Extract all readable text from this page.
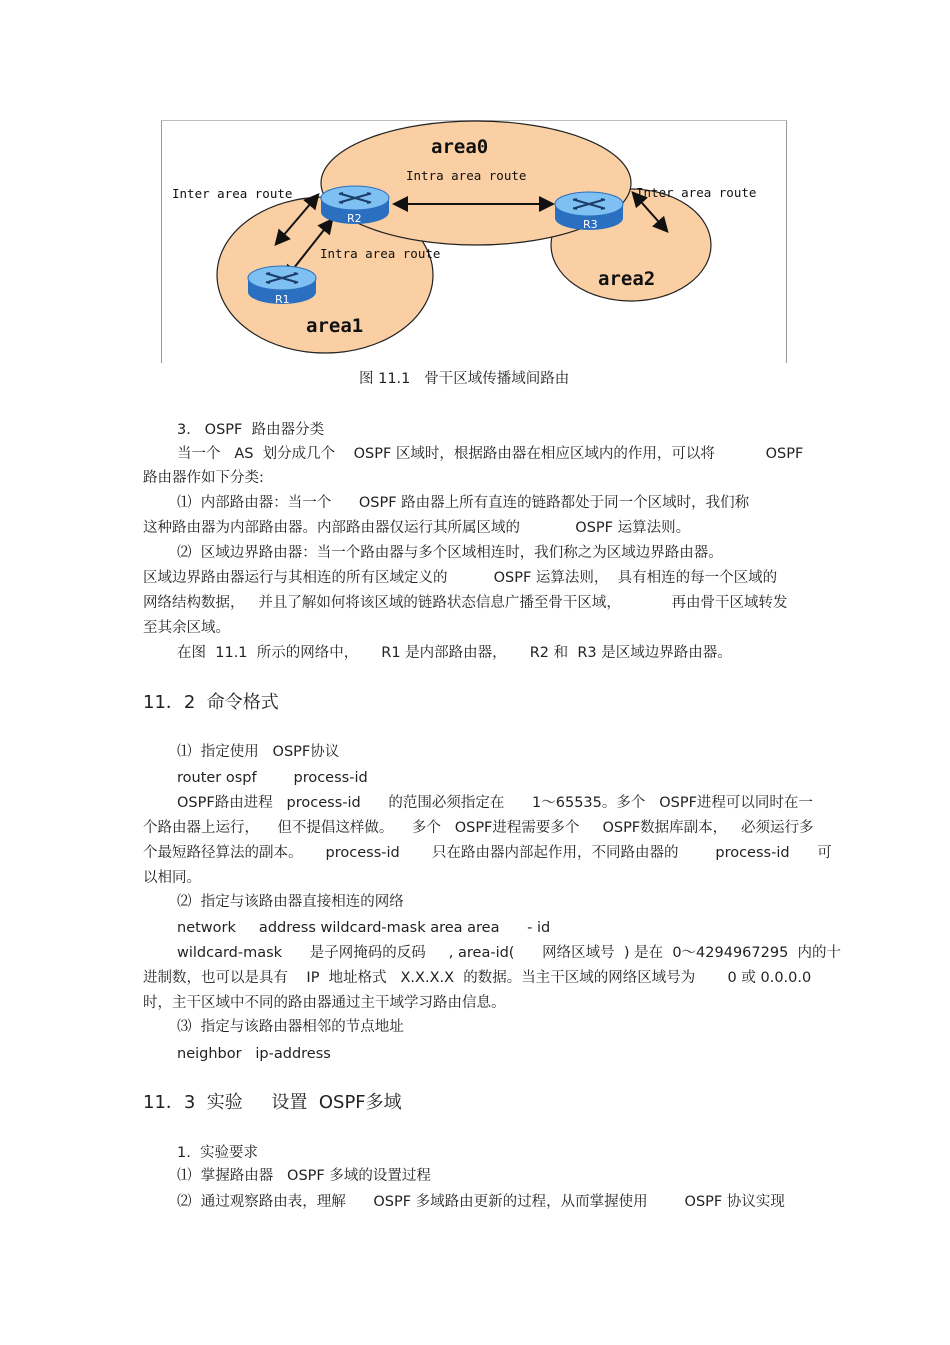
area0
area1
area2
Intra area route
Intra area route
Inter area route	Inter area route
R2	R3
R1
图 11.1   骨干区域传播域间路由
3.   OSPF  路由器分类
当一个   AS  划分成几个    OSPF 区域时，根据路由器在相应区域内的作用，可以将           OSPF
路由器作如下分类:
⑴  内部路由器：当一个      OSPF 路由器上所有直连的链路都处于同一个区域时，我们称
这种路由器为内部路由器。内部路由器仅运行其所属区域的            OSPF 运算法则。
⑵  区域边界路由器：当一个路由器与多个区域相连时，我们称之为区域边界路由器。
区域边界路由器运行与其相连的所有区域定义的          OSPF 运算法则，  具有相连的每一个区域的
网络结构数据，   并且了解如何将该区域的链路状态信息广播至骨干区域，           再由骨干区域转发
至其余区域。
在图  11.1  所示的网络中，     R1 是内部路由器，     R2 和  R3 是区域边界路由器。
11．2  命令格式
⑴  指定使用   OSPF协议
router ospf        process-id
OSPF路由进程   process-id      的范围必须指定在      1～65535。多个   OSPF进程可以同时在一
个路由器上运行，    但不提倡这样做。    多个   OSPF进程需要多个     OSPF数据库副本，   必须运行多
个最短路径算法的副本。     process-id       只在路由器内部起作用，不同路由器的        process-id      可
以相同。
⑵  指定与该路由器直接相连的网络
network     address wildcard-mask area area      - id
wildcard-mask      是子网掩码的反码     , area-id(      网络区域号  ) 是在  0～4294967295  内的十
进制数，也可以是具有    IP  地址格式   X.X.X.X  的数据。当主干区域的网络区域号为       0 或 0.0.0.0
时，主干区域中不同的路由器通过主干域学习路由信息。
⑶  指定与该路由器相邻的节点地址
neighbor   ip-address
11．3  实验     设置  OSPF多域
1.  实验要求
⑴  掌握路由器   OSPF 多域的设置过程
⑵  通过观察路由表，理解      OSPF 多域路由更新的过程，从而掌握使用        OSPF 协议实现
